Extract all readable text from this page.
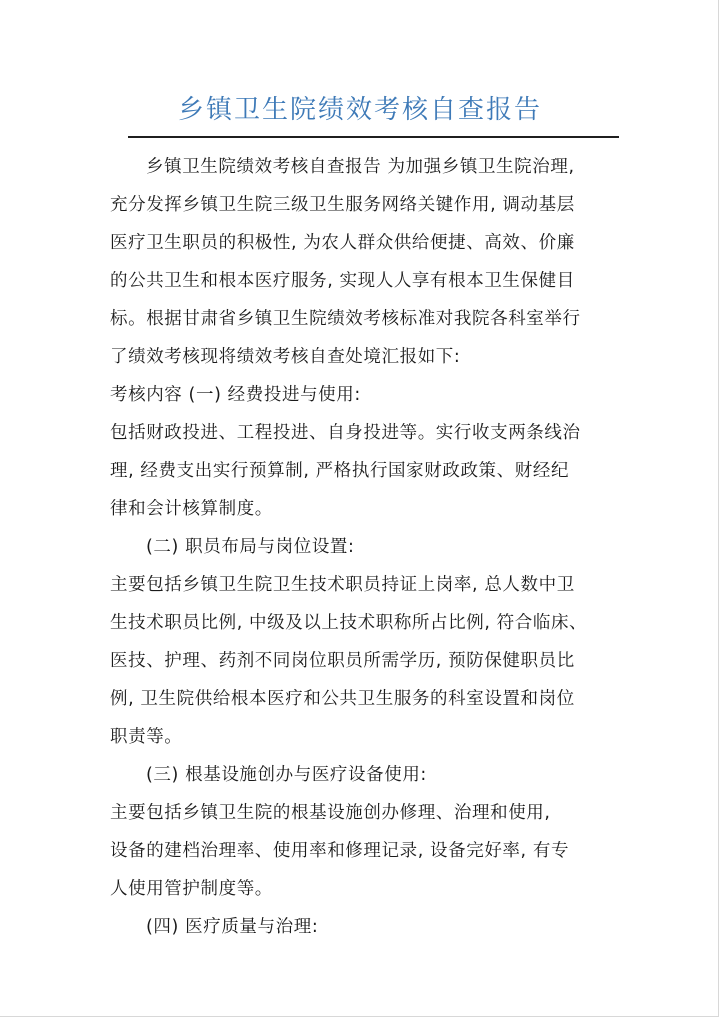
乡镇卫生院绩效考核自查报告
乡镇卫生院绩效考核自查报告 为加强乡镇卫生院治理,
充分发挥乡镇卫生院三级卫生服务网络关键作用, 调动基层
医疗卫生职员的积极性, 为农人群众供给便捷、高效、价廉
的公共卫生和根本医疗服务, 实现人人享有根本卫生保健目
标。根据甘肃省乡镇卫生院绩效考核标准对我院各科室举行
了绩效考核现将绩效考核自查处境汇报如下:
考核内容 (一) 经费投进与使用:
包括财政投进、工程投进、自身投进等。实行收支两条线治
理, 经费支出实行预算制, 严格执行国家财政政策、财经纪
律和会计核算制度。
(二) 职员布局与岗位设置:
主要包括乡镇卫生院卫生技术职员持证上岗率, 总人数中卫
生技术职员比例, 中级及以上技术职称所占比例, 符合临床、
医技、护理、药剂不同岗位职员所需学历, 预防保健职员比
例, 卫生院供给根本医疗和公共卫生服务的科室设置和岗位
职责等。
(三) 根基设施创办与医疗设备使用:
主要包括乡镇卫生院的根基设施创办修理、治理和使用,
设备的建档治理率、使用率和修理记录, 设备完好率, 有专
人使用管护制度等。
(四) 医疗质量与治理:
